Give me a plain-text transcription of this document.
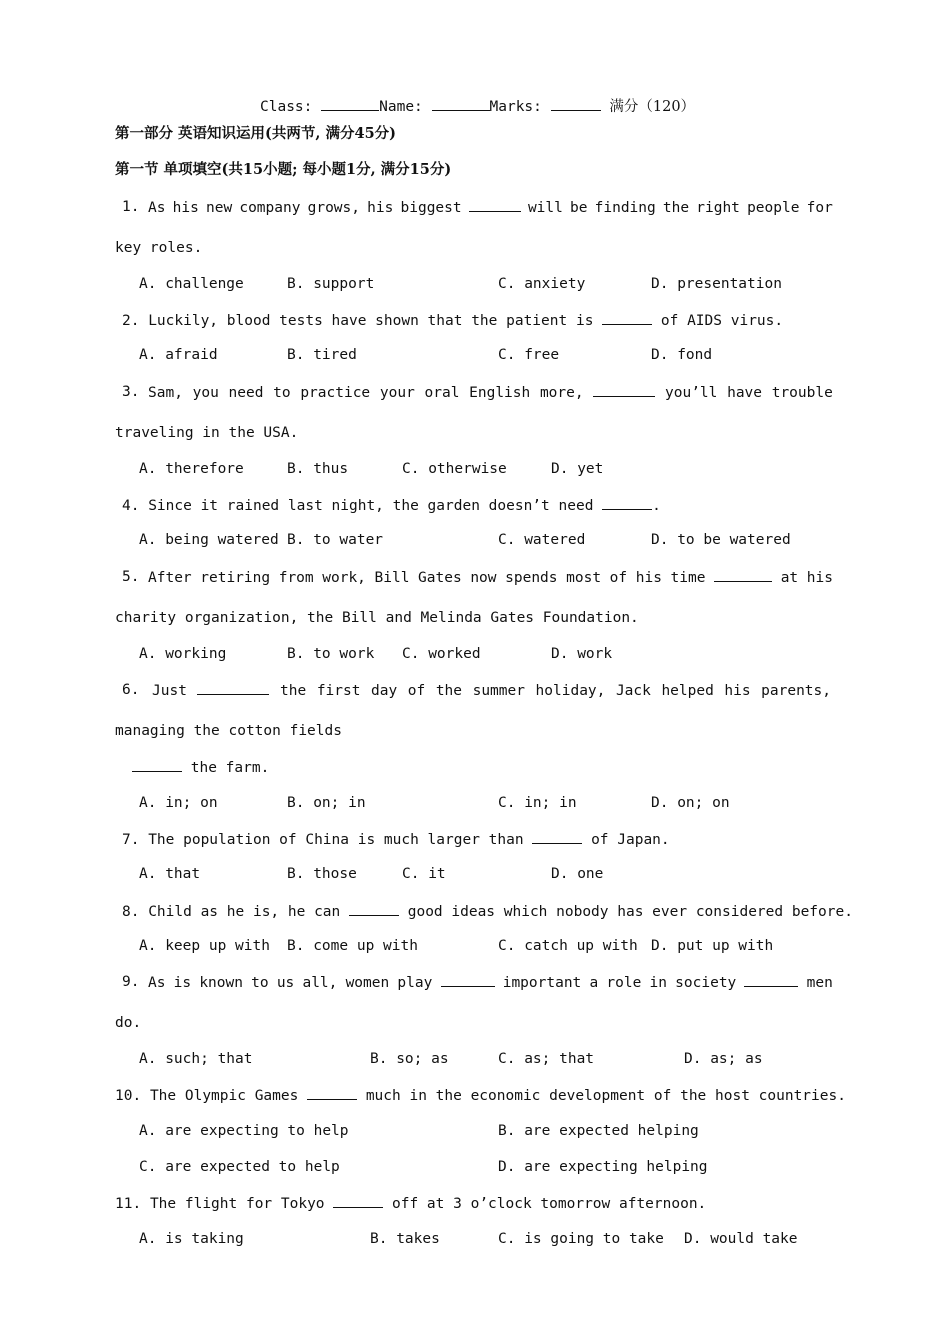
Class:	Name:	Marks:	满分（120）
第一部分 英语知识运用(共两节, 满分45分)
第一节 单项填空(共15小题; 每小题1分, 满分15分)
1. As his new company grows, his biggest	will be finding the right people for
key roles.
A. challenge	B. support	C. anxiety	D. presentation
2. Luckily, blood tests have shown that the patient is	of AIDS virus.
A. afraid	B. tired	C. free	D. fond
3. Sam, you need to practice your oral English more,	you’ll have trouble
traveling in the USA.
A. therefore	B. thus	C. otherwise	D. yet
4. Since it rained last night, the garden doesn’t need	.
A. being watered B. to water	C. watered	D. to be watered
5. After retiring from work, Bill Gates now spends most of his time	at his
charity organization, the Bill and Melinda Gates Foundation.
A. working	B. to work C. worked	D. work
6. Just	the first day of the summer holiday, Jack helped his parents,
managing the cotton fields
the farm.
A. in; on	B. on; in	C. in; in	D. on; on
7. The population of China is much larger than	of Japan.
A. that	B. those	C. it	D. one
8. Child as he is, he can	good ideas which nobody has ever considered before.
A. keep up with B. come up with	C. catch up with D. put up with
9. As is known to us all, women play	important a role in society	men
do.
A. such; that	B. so; as	C. as; that	D. as; as
10. The Olympic Games	much in the economic development of the host countries.
A. are expecting to help	B. are expected helping
C. are expected to help	D. are expecting helping
11. The flight for Tokyo	off at 3 o’clock tomorrow afternoon.
A. is taking	B. takes	C. is going to take D. would take
